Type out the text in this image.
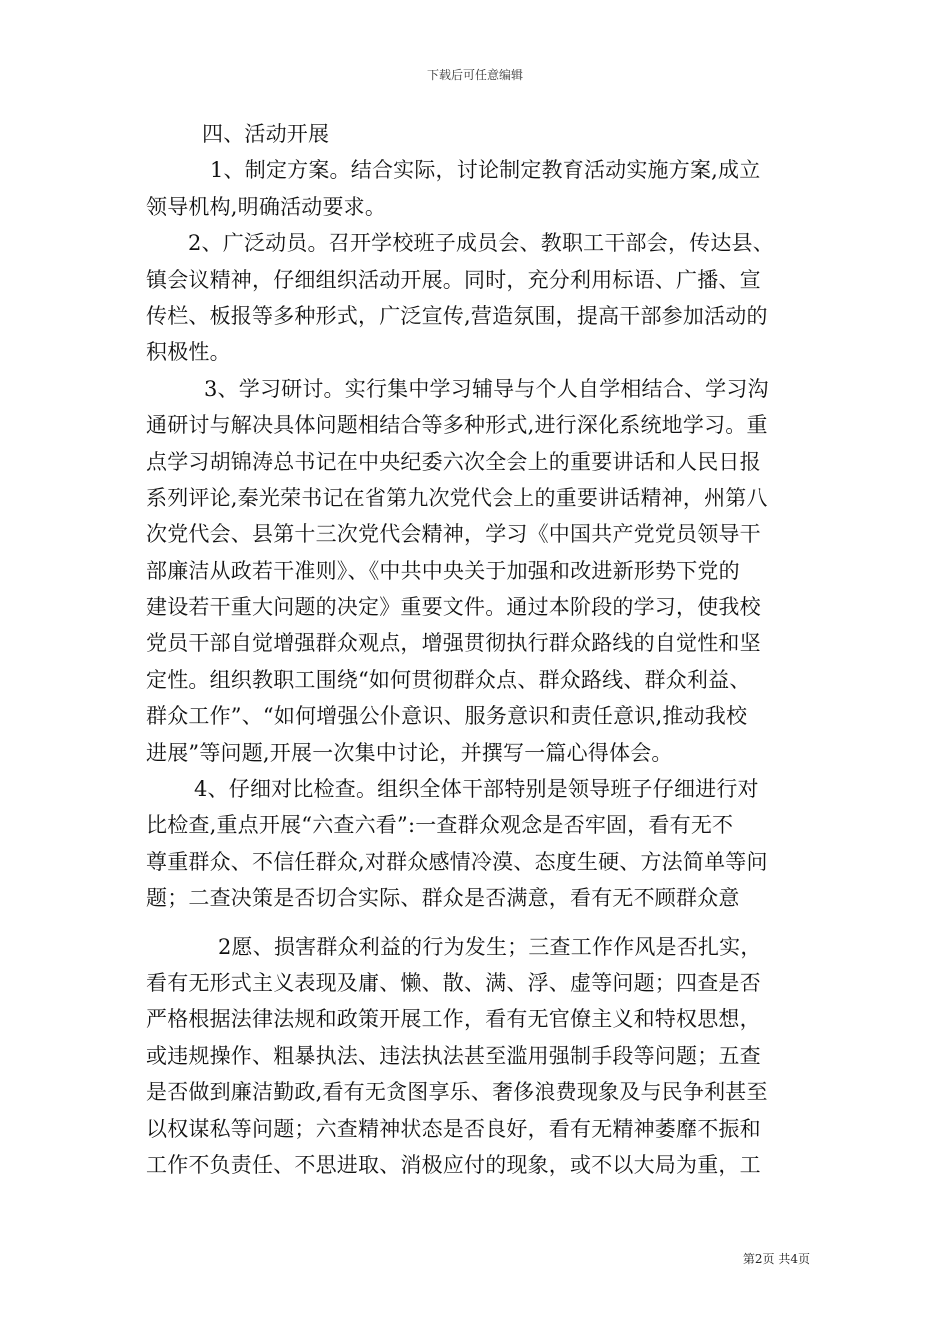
下载后可任意编辑
四、活动开展
1、制定方案。结合实际，讨论制定教育活动实施方案,成立
领导机构,明确活动要求。
2、广泛动员。召开学校班子成员会、教职工干部会，传达县、
镇会议精神，仔细组织活动开展。同时，充分利用标语、广播、宣
传栏、板报等多种形式，广泛宣传,营造氛围，提高干部参加活动的
积极性。
3、学习研讨。实行集中学习辅导与个人自学相结合、学习沟
通研讨与解决具体问题相结合等多种形式,进行深化系统地学习。重
点学习胡锦涛总书记在中央纪委六次全会上的重要讲话和人民日报
系列评论,秦光荣书记在省第九次党代会上的重要讲话精神，州第八
次党代会、县第十三次党代会精神，学习《中国共产党党员领导干
部廉洁从政若干准则》、《中共中央关于加强和改进新形势下党的
建设若干重大问题的决定》重要文件。通过本阶段的学习，使我校
党员干部自觉增强群众观点，增强贯彻执行群众路线的自觉性和坚
定性。组织教职工围绕“如何贯彻群众点、群众路线、群众利益、
群众工作”、“如何增强公仆意识、服务意识和责任意识,推动我校
进展”等问题,开展一次集中讨论，并撰写一篇心得体会。
4、仔细对比检查。组织全体干部特别是领导班子仔细进行对
比检查,重点开展“六查六看”:一查群众观念是否牢固，看有无不
尊重群众、不信任群众,对群众感情冷漠、态度生硬、方法简单等问
题；二查决策是否切合实际、群众是否满意，看有无不顾群众意
2愿、损害群众利益的行为发生；三查工作作风是否扎实，
看有无形式主义表现及庸、懒、散、满、浮、虚等问题；四查是否
严格根据法律法规和政策开展工作，看有无官僚主义和特权思想，
或违规操作、粗暴执法、违法执法甚至滥用强制手段等问题；五查
是否做到廉洁勤政,看有无贪图享乐、奢侈浪费现象及与民争利甚至
以权谋私等问题；六查精神状态是否良好，看有无精神萎靡不振和
工作不负责任、不思进取、消极应付的现象，或不以大局为重，工
第2页 共4页
